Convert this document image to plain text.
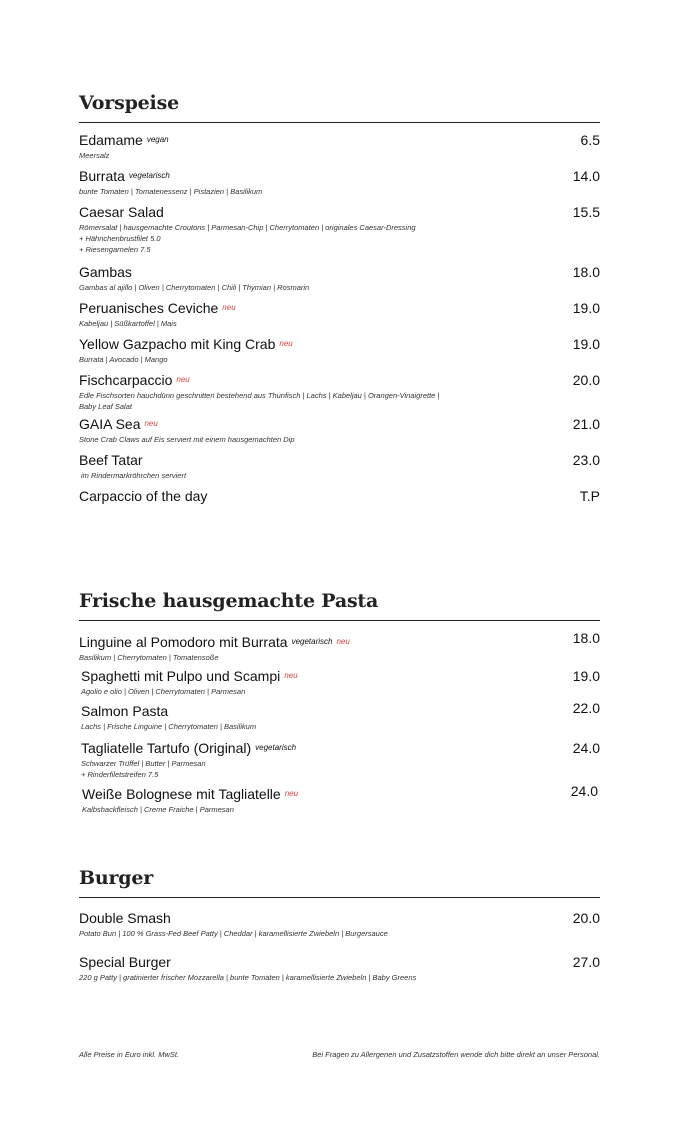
Vorspeise
Edamame vegan
Meersalz
6.5
Burrata vegetarisch
bunte Tomaten | Tomatenessenz | Pistazien | Basilikum
14.0
Caesar Salad
Römersalat | hausgemachte Croutons | Parmesan-Chip | Cherrytomaten | originales Caesar-Dressing
+ Hähnchenbrustfilet 5.0
+ Riesengarnelen 7.5
15.5
Gambas
Gambas al ajillo | Oliven | Cherrytomaten | Chili | Thymian | Rosmarin
18.0
Peruanisches Ceviche neu
Kabeljau | Süßkartoffel | Mais
19.0
Yellow Gazpacho mit King Crab neu
Burrata | Avocado | Mango
19.0
Fischcarpaccio neu
Edle Fischsorten hauchdünn geschnitten bestehend aus Thunfisch | Lachs | Kabeljau | Orangen-Vinaigrette |
Baby Leaf Salat
20.0
GAIA Sea neu
Stone Crab Claws auf Eis serviert mit einem hausgemachten Dip
21.0
Beef Tatar
im Rindermarkröhrchen serviert
23.0
Carpaccio of the day	T.P
Frische hausgemachte Pasta
Linguine al Pomodoro mit Burrata vegetarisch neu
Basilikum | Cherrytomaten | Tomatensoße
18.0
Spaghetti mit Pulpo und Scampi neu
Agolio e olio | Oliven | Cherrytomaten | Parmesan
19.0
Salmon Pasta
Lachs | Frische Linguine | Cherrytomaten | Basilikum
22.0
Tagliatelle Tartufo (Original) vegetarisch
Schwarzer Trüffel | Butter | Parmesan
+ Rinderfiletstreifen 7.5
24.0
Weiße Bolognese mit Tagliatelle neu
Kalbshackfleisch | Creme Fraiche | Parmesan
24.0
Burger
Double Smash
Potato Bun | 100 % Grass-Fed Beef Patty | Cheddar | karamellisierte Zwiebeln | Burgersauce
20.0
Special Burger
220 g Patty | gratinierter frischer Mozzarella | bunte Tomaten | karamellisierte Zwiebeln | Baby Greens
27.0
Alle Preise in Euro inkl. MwSt.	Bei Fragen zu Allergenen und Zusatzstoffen wende dich bitte direkt an unser Personal.
